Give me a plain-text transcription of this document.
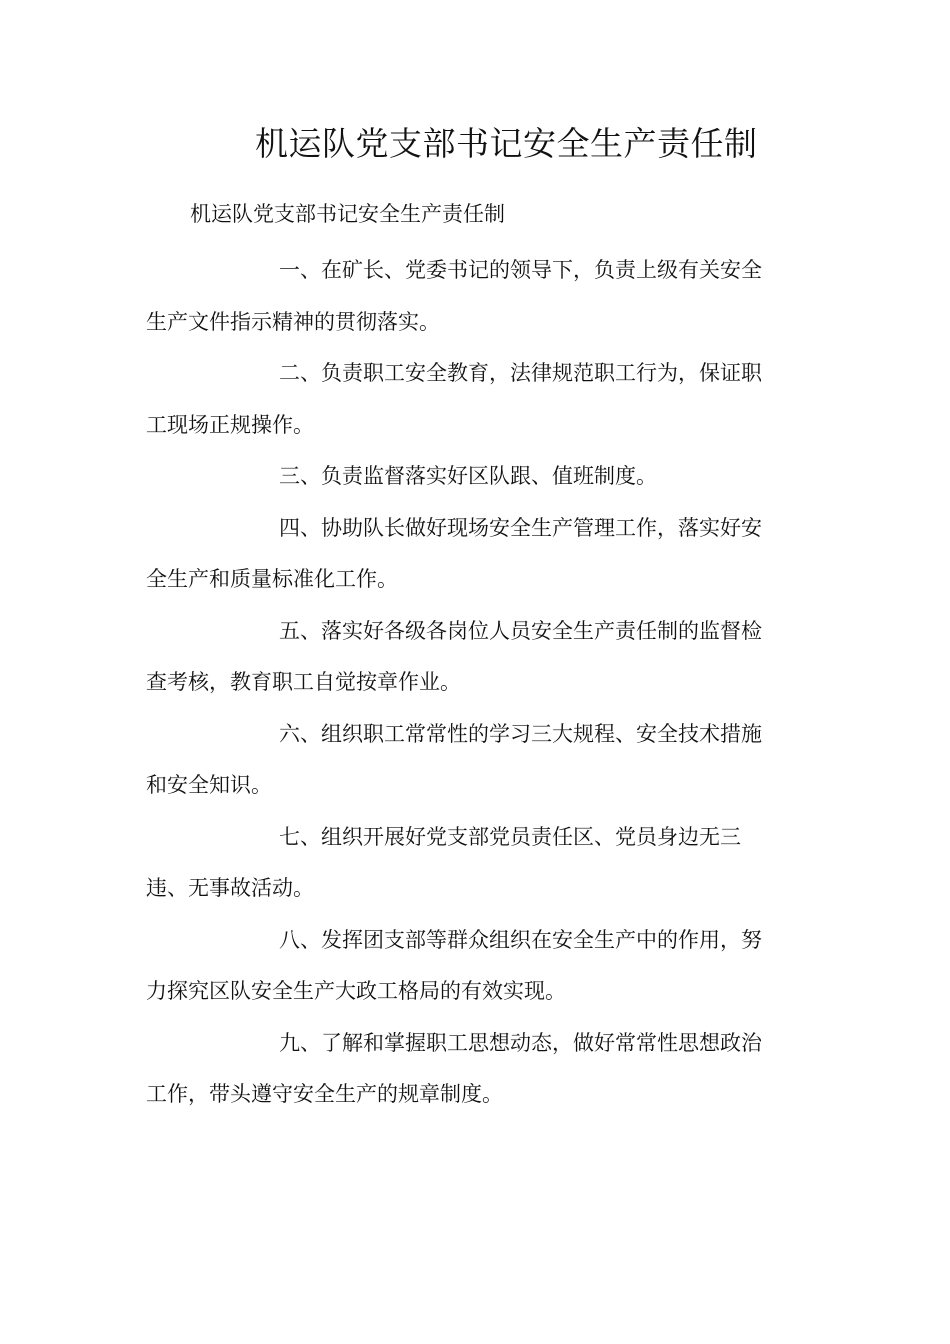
机运队党支部书记安全生产责任制
机运队党支部书记安全生产责任制
一、在矿长、党委书记的领导下，负责上级有关安全
生产文件指示精神的贯彻落实。
二、负责职工安全教育，法律规范职工行为，保证职
工现场正规操作。
三、负责监督落实好区队跟、值班制度。
四、协助队长做好现场安全生产管理工作，落实好安
全生产和质量标准化工作。
五、落实好各级各岗位人员安全生产责任制的监督检
查考核，教育职工自觉按章作业。
六、组织职工常常性的学习三大规程、安全技术措施
和安全知识。
七、组织开展好党支部党员责任区、党员身边无三
违、无事故活动。
八、发挥团支部等群众组织在安全生产中的作用，努
力探究区队安全生产大政工格局的有效实现。
九、了解和掌握职工思想动态，做好常常性思想政治
工作，带头遵守安全生产的规章制度。
